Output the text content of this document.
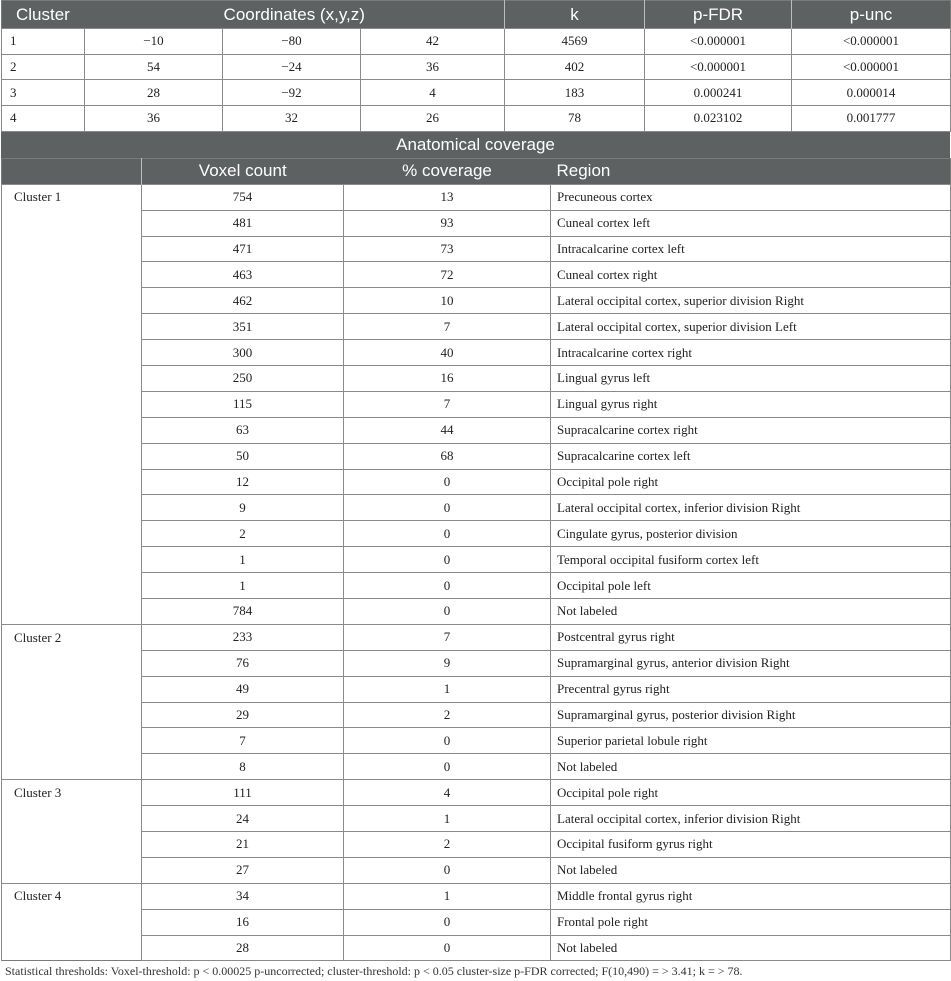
Cluster	Coordinates (x,y,z)			k	p-FDR	p-unc
1	−10	−80	42	4569	<0.000001	<0.000001
2	54	−24	36	402	<0.000001	<0.000001
3	28	−92	4	183	0.000241	0.000014
4	36	32	26	78	0.023102	0.001777
Anatomical coverage
	Voxel count	% coverage	Region
Cluster 1	754	13	Precuneous cortex
	481	93	Cuneal cortex left
	471	73	Intracalcarine cortex left
	463	72	Cuneal cortex right
	462	10	Lateral occipital cortex, superior division Right
	351	7	Lateral occipital cortex, superior division Left
	300	40	Intracalcarine cortex right
	250	16	Lingual gyrus left
	115	7	Lingual gyrus right
	63	44	Supracalcarine cortex right
	50	68	Supracalcarine cortex left
	12	0	Occipital pole right
	9	0	Lateral occipital cortex, inferior division Right
	2	0	Cingulate gyrus, posterior division
	1	0	Temporal occipital fusiform cortex left
	1	0	Occipital pole left
	784	0	Not labeled
Cluster 2	233	7	Postcentral gyrus right
	76	9	Supramarginal gyrus, anterior division Right
	49	1	Precentral gyrus right
	29	2	Supramarginal gyrus, posterior division Right
	7	0	Superior parietal lobule right
	8	0	Not labeled
Cluster 3	111	4	Occipital pole right
	24	1	Lateral occipital cortex, inferior division Right
	21	2	Occipital fusiform gyrus right
	27	0	Not labeled
Cluster 4	34	1	Middle frontal gyrus right
	16	0	Frontal pole right
	28	0	Not labeled
Statistical thresholds: Voxel-threshold: p < 0.00025 p-uncorrected; cluster-threshold: p < 0.05 cluster-size p-FDR corrected; F(10,490) = > 3.41; k = > 78.
